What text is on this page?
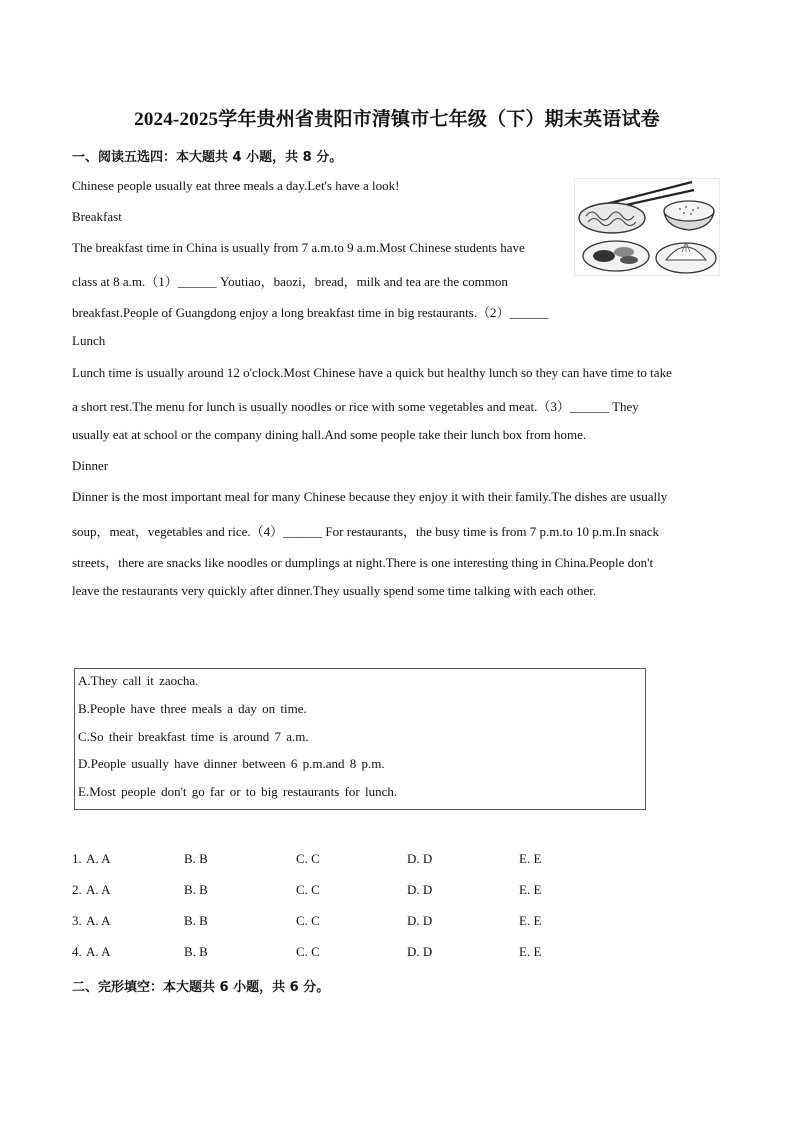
2024-2025学年贵州省贵阳市清镇市七年级（下）期末英语试卷
一、阅读五选四：本大题共 4 小题，共 8 分。
Chinese people usually eat three meals a day.Let's have a look!
Breakfast
The breakfast time in China is usually from 7 a.m.to 9 a.m.Most Chinese students have
class at 8 a.m.（1）______ Youtiao，baozi，bread，milk and tea are the common
breakfast.People of Guangdong enjoy a long breakfast time in big restaurants.（2）______
Lunch
Lunch time is usually around 12 o'clock.Most Chinese have a quick but healthy lunch so they can have time to take
a short rest.The menu for lunch is usually noodles or rice with some vegetables and meat.（3）______ They
usually eat at school or the company dining hall.And some people take their lunch box from home.
Dinner
Dinner is the most important meal for many Chinese because they enjoy it with their family.The dishes are usually
soup，meat，vegetables and rice.（4）______ For restaurants，the busy time is from 7 p.m.to 10 p.m.In snack
streets，there are snacks like noodles or dumplings at night.There is one interesting thing in China.People don't
leave the restaurants very quickly after dinner.They usually spend some time talking with each other.
A.They call it zaocha.
B.People have three meals a day on time.
C.So their breakfast time is around 7 a.m.
D.People usually have dinner between 6 p.m.and 8 p.m.
E.Most people don't go far or to big restaurants for lunch.
1. A. A	B. B	C. C	D. D	E. E
2. A. A	B. B	C. C	D. D	E. E
3. A. A	B. B	C. C	D. D	E. E
4. A. A	B. B	C. C	D. D	E. E
二、完形填空：本大题共 6 小题，共 6 分。
